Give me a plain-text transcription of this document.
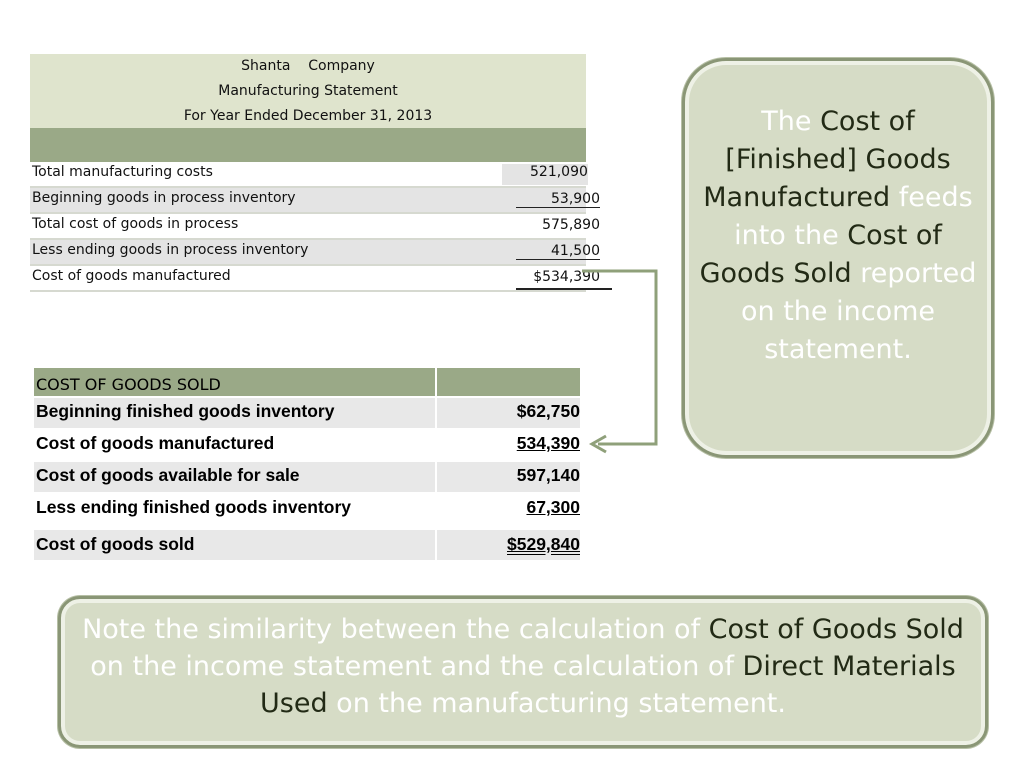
Shanta    Company
Manufacturing Statement
For Year Ended December 31, 2013
Total manufacturing costs	521,090
Beginning goods in process inventory	53,900
Total cost of goods in process	575,890
Less ending goods in process inventory	41,500
Cost of goods manufactured	$534,390
COST OF GOODS SOLD
Beginning finished goods inventory	$62,750
Cost of goods manufactured	534,390
Cost of goods available for sale	597,140
Less ending finished goods inventory	67,300
Cost of goods sold	$529,840
The Cost of [Finished] Goods Manufactured feeds into the Cost of Goods Sold reported on the income statement.
Note the similarity between the calculation of Cost of Goods Sold on the income statement and the calculation of Direct Materials Used on the manufacturing statement.
